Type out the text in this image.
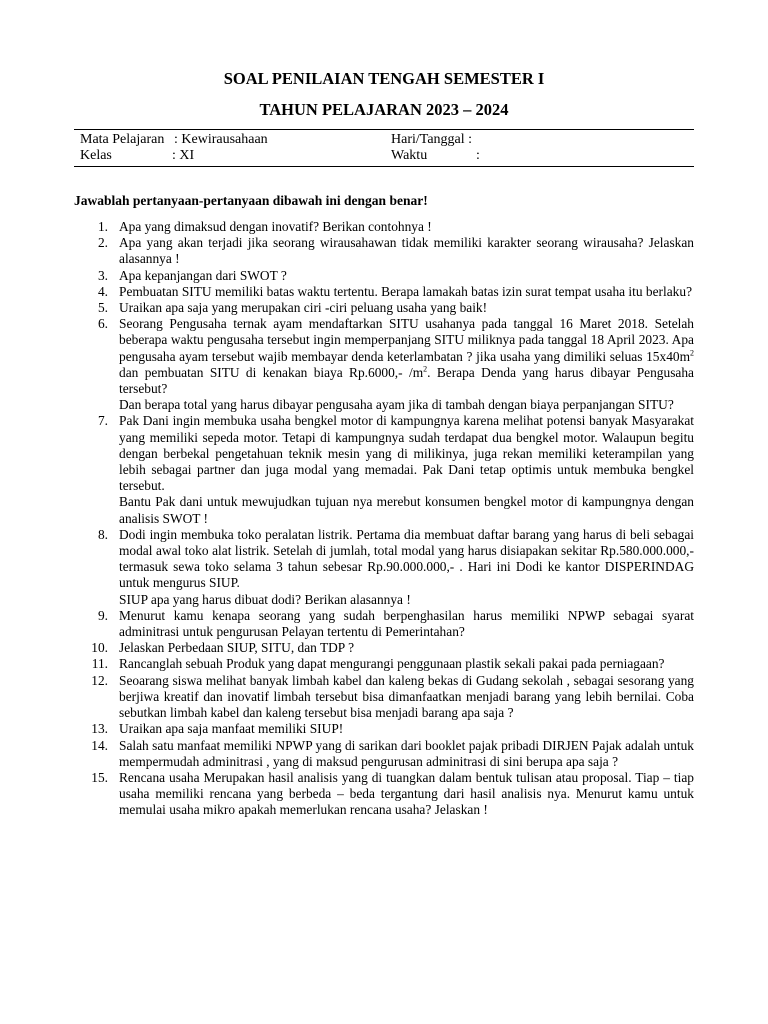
SOAL PENILAIAN TENGAH SEMESTER I
TAHUN PELAJARAN 2023 – 2024
Mata Pelajaran : Kewirausahaan	Hari/Tanggal :
Kelas	: XI	Waktu	:
Jawablah pertanyaan-pertanyaan dibawah ini dengan benar!
1. Apa yang dimaksud dengan inovatif? Berikan contohnya !
2. Apa yang akan terjadi jika seorang wirausahawan tidak memiliki karakter seorang wirausaha? Jelaskan alasannya !
3. Apa kepanjangan dari SWOT ?
4. Pembuatan SITU memiliki batas waktu tertentu. Berapa lamakah batas izin surat tempat usaha itu berlaku?
5. Uraikan apa saja yang merupakan ciri -ciri peluang usaha yang baik!
6. Seorang Pengusaha ternak ayam mendaftarkan SITU usahanya pada tanggal 16 Maret 2018. Setelah beberapa waktu pengusaha tersebut ingin memperpanjang SITU miliknya pada tanggal 18 April 2023. Apa pengusaha ayam tersebut wajib membayar denda keterlambatan ? jika usaha yang dimiliki seluas $15x40m^2$ dan pembuatan SITU di kenakan biaya Rp.6000,- $/m^2$. Berapa Denda yang harus dibayar Pengusaha tersebut?
Dan berapa total yang harus dibayar pengusaha ayam jika di tambah dengan biaya perpanjangan SITU?
7. Pak Dani ingin membuka usaha bengkel motor di kampungnya karena melihat potensi banyak Masyarakat yang memiliki sepeda motor. Tetapi di kampungnya sudah terdapat dua bengkel motor. Walaupun begitu dengan berbekal pengetahuan teknik mesin yang di milikinya, juga rekan memiliki keterampilan yang lebih sebagai partner dan juga modal yang memadai. Pak Dani tetap optimis untuk membuka bengkel tersebut.
Bantu Pak dani untuk mewujudkan tujuan nya merebut konsumen bengkel motor di kampungnya dengan analisis SWOT !
8. Dodi ingin membuka toko peralatan listrik. Pertama dia membuat daftar barang yang harus di beli sebagai modal awal toko alat listrik. Setelah di jumlah, total modal yang harus disiapakan sekitar Rp.580.000.000,- termasuk sewa toko selama 3 tahun sebesar Rp.90.000.000,- . Hari ini Dodi ke kantor DISPERINDAG untuk mengurus SIUP.
SIUP apa yang harus dibuat dodi? Berikan alasannya !
9. Menurut kamu kenapa seorang yang sudah berpenghasilan harus memiliki NPWP sebagai syarat adminitrasi untuk pengurusan Pelayan tertentu di Pemerintahan?
10. Jelaskan Perbedaan SIUP, SITU, dan TDP ?
11. Rancanglah sebuah Produk yang dapat mengurangi penggunaan plastik sekali pakai pada perniagaan?
12. Seoarang siswa melihat banyak limbah kabel dan kaleng bekas di Gudang sekolah , sebagai sesorang yang berjiwa kreatif dan inovatif limbah tersebut bisa dimanfaatkan menjadi barang yang lebih bernilai. Coba sebutkan limbah kabel dan kaleng tersebut bisa menjadi barang apa saja ?
13. Uraikan apa saja manfaat memiliki SIUP!
14. Salah satu manfaat memiliki NPWP yang di sarikan dari booklet pajak pribadi DIRJEN Pajak adalah untuk mempermudah adminitrasi , yang di maksud pengurusan adminitrasi di sini berupa apa saja ?
15. Rencana usaha Merupakan hasil analisis yang di tuangkan dalam bentuk tulisan atau proposal. Tiap – tiap usaha memiliki rencana yang berbeda – beda tergantung dari hasil analisis nya. Menurut kamu untuk memulai usaha mikro apakah memerlukan rencana usaha? Jelaskan !
